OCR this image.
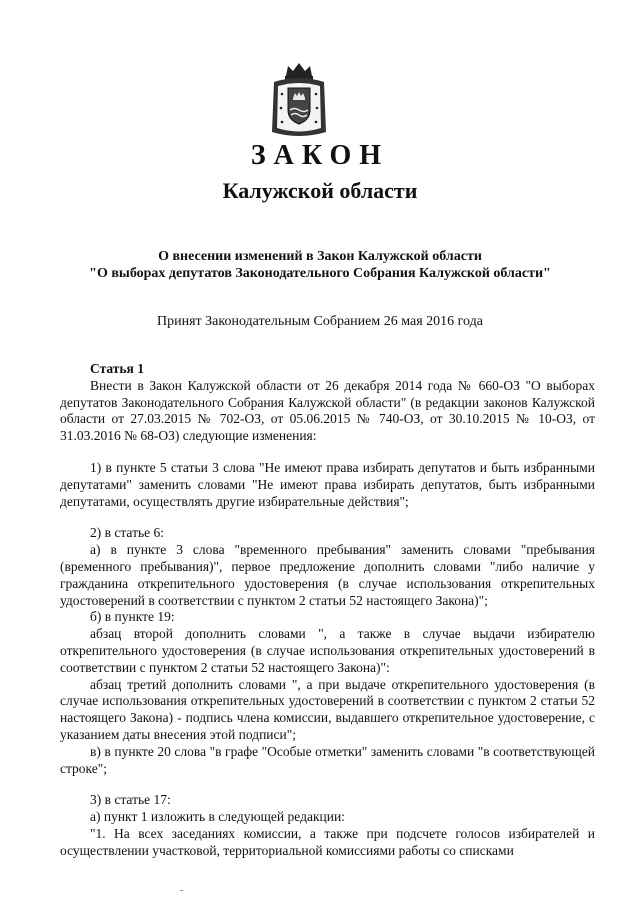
ЗАКОН
Калужской области
О внесении изменений в Закон Калужской области
"О выборах депутатов Законодательного Собрания Калужской области"
Принят Законодательным Собранием 26 мая 2016 года

Статья 1

Внести в Закон Калужской области от 26 декабря 2014 года № 660-ОЗ "О выборах депутатов Законодательного Собрания Калужской области" (в редакции законов Калужской области от 27.03.2015 № 702-ОЗ, от 05.06.2015 № 740-ОЗ, от 30.10.2015 № 10-ОЗ, от 31.03.2016 № 68-ОЗ) следующие изменения:

1) в пункте 5 статьи 3 слова "Не имеют права избирать депутатов и быть избранными депутатами" заменить словами "Не имеют права избирать депутатов, быть избранными депутатами, осуществлять другие избирательные действия";

2) в статье 6:

а) в пункте 3 слова "временного пребывания" заменить словами "пребывания (временного пребывания)", первое предложение дополнить словами "либо наличие у гражданина открепительного удостоверения (в случае использования открепительных удостоверений в соответствии с пунктом 2 статьи 52 настоящего Закона)";

б) в пункте 19:

абзац второй дополнить словами ", а также в случае выдачи избирателю открепительного удостоверения (в случае использования открепительных удостоверений в соответствии с пунктом 2 статьи 52 настоящего Закона)":

абзац третий дополнить словами ", а при выдаче открепительного удостоверения (в случае использования открепительных удостоверений в соответствии с пунктом 2 статьи 52 настоящего Закона) - подпись члена комиссии, выдавшего открепительное удостоверение, с указанием даты внесения этой подписи";

в) в пункте 20 слова "в графе "Особые отметки" заменить словами "в соответствующей строке";

3) в статье 17:

а) пункт 1 изложить в следующей редакции:

"1. На всех заседаниях комиссии, а также при подсчете голосов избирателей и осуществлении участковой, территориальной комиссиями работы со списками

-
